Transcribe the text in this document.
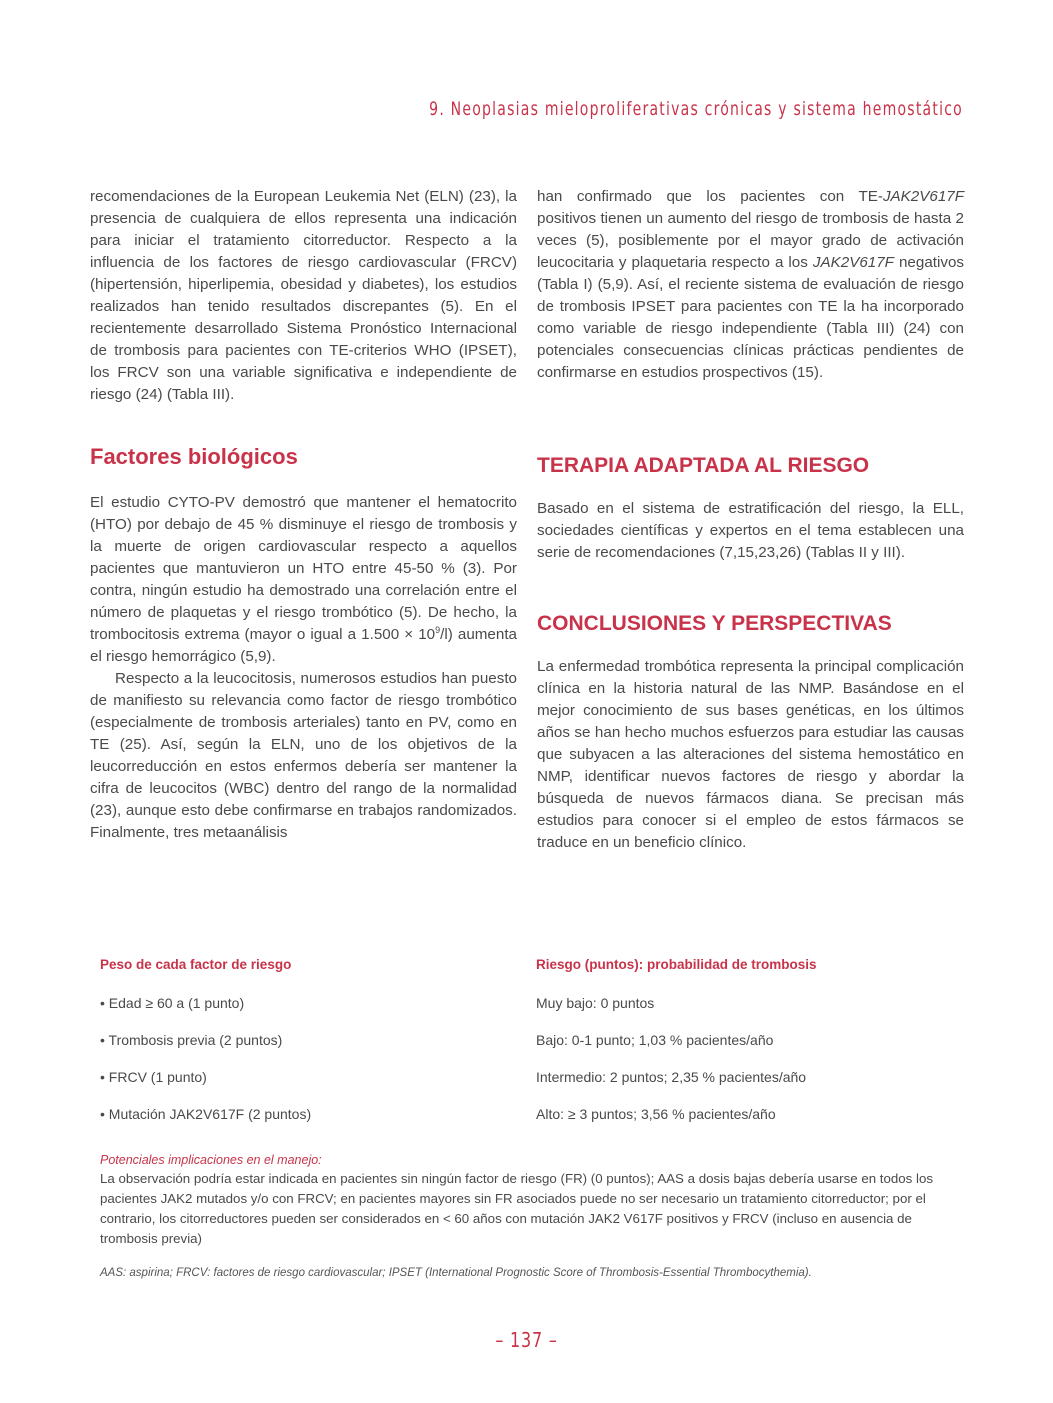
9. Neoplasias mieloproliferativas crónicas y sistema hemostático

recomendaciones de la European Leukemia Net (ELN) (23), la presencia de cualquiera de ellos representa una indicación para iniciar el tratamiento citorreductor. Respecto a la influencia de los factores de riesgo cardiovascular (FRCV) (hipertensión, hiperlipemia, obesidad y diabetes), los estudios realizados han tenido resultados discrepantes (5). En el recientemente desarrollado Sistema Pronóstico Internacional de trombosis para pacientes con TE-criterios WHO (IPSET), los FRCV son una variable significativa e independiente de riesgo (24) (Tabla III).

Factores biológicos

El estudio CYTO-PV demostró que mantener el hematocrito (HTO) por debajo de 45 % disminuye el riesgo de trombosis y la muerte de origen cardiovascular respecto a aquellos pacientes que mantuvieron un HTO entre 45-50 % (3). Por contra, ningún estudio ha demostrado una correlación entre el número de plaquetas y el riesgo trombótico (5). De hecho, la trombocitosis extrema (mayor o igual a $1.500 \times 10^9/l$) aumenta el riesgo hemorrágico (5,9).

Respecto a la leucocitosis, numerosos estudios han puesto de manifiesto su relevancia como factor de riesgo trombótico (especialmente de trombosis arteriales) tanto en PV, como en TE (25). Así, según la ELN, uno de los objetivos de la leucorreducción en estos enfermos debería ser mantener la cifra de leucocitos (WBC) dentro del rango de la normalidad (23), aunque esto debe confirmarse en trabajos randomizados. Finalmente, tres metaanálisis

han confirmado que los pacientes con TE-JAK2V617F positivos tienen un aumento del riesgo de trombosis de hasta 2 veces (5), posiblemente por el mayor grado de activación leucocitaria y plaquetaria respecto a los JAK2V617F negativos (Tabla I) (5,9). Así, el reciente sistema de evaluación de riesgo de trombosis IPSET para pacientes con TE la ha incorporado como variable de riesgo independiente (Tabla III) (24) con potenciales consecuencias clínicas prácticas pendientes de confirmarse en estudios prospectivos (15).

TERAPIA ADAPTADA AL RIESGO

Basado en el sistema de estratificación del riesgo, la ELL, sociedades científicas y expertos en el tema establecen una serie de recomendaciones (7,15,23,26) (Tablas II y III).

CONCLUSIONES Y PERSPECTIVAS

La enfermedad trombótica representa la principal complicación clínica en la historia natural de las NMP. Basándose en el mejor conocimiento de sus bases genéticas, en los últimos años se han hecho muchos esfuerzos para estudiar las causas que subyacen a las alteraciones del sistema hemostático en NMP, identificar nuevos factores de riesgo y abordar la búsqueda de nuevos fármacos diana. Se precisan más estudios para conocer si el empleo de estos fármacos se traduce en un beneficio clínico.

Peso de cada factor de riesgo

• Edad ≥ 60 a (1 punto)

• Trombosis previa (2 puntos)

• FRCV (1 punto)

• Mutación JAK2V617F (2 puntos)

Riesgo (puntos): probabilidad de trombosis

Muy bajo: 0 puntos

Bajo: 0-1 punto; 1,03 % pacientes/año

Intermedio: 2 puntos; 2,35 % pacientes/año

Alto: ≥ 3 puntos; 3,56 % pacientes/año

Potenciales implicaciones en el manejo:

La observación podría estar indicada en pacientes sin ningún factor de riesgo (FR) (0 puntos); AAS a dosis bajas debería usarse en todos los pacientes JAK2 mutados y/o con FRCV; en pacientes mayores sin FR asociados puede no ser necesario un tratamiento citorreductor; por el contrario, los citorreductores pueden ser considerados en < 60 años con mutación JAK2 V617F positivos y FRCV (incluso en ausencia de trombosis previa)

AAS: aspirina; FRCV: factores de riesgo cardiovascular; IPSET (International Prognostic Score of Thrombosis-Essential Thrombocythemia).

– 137 –
